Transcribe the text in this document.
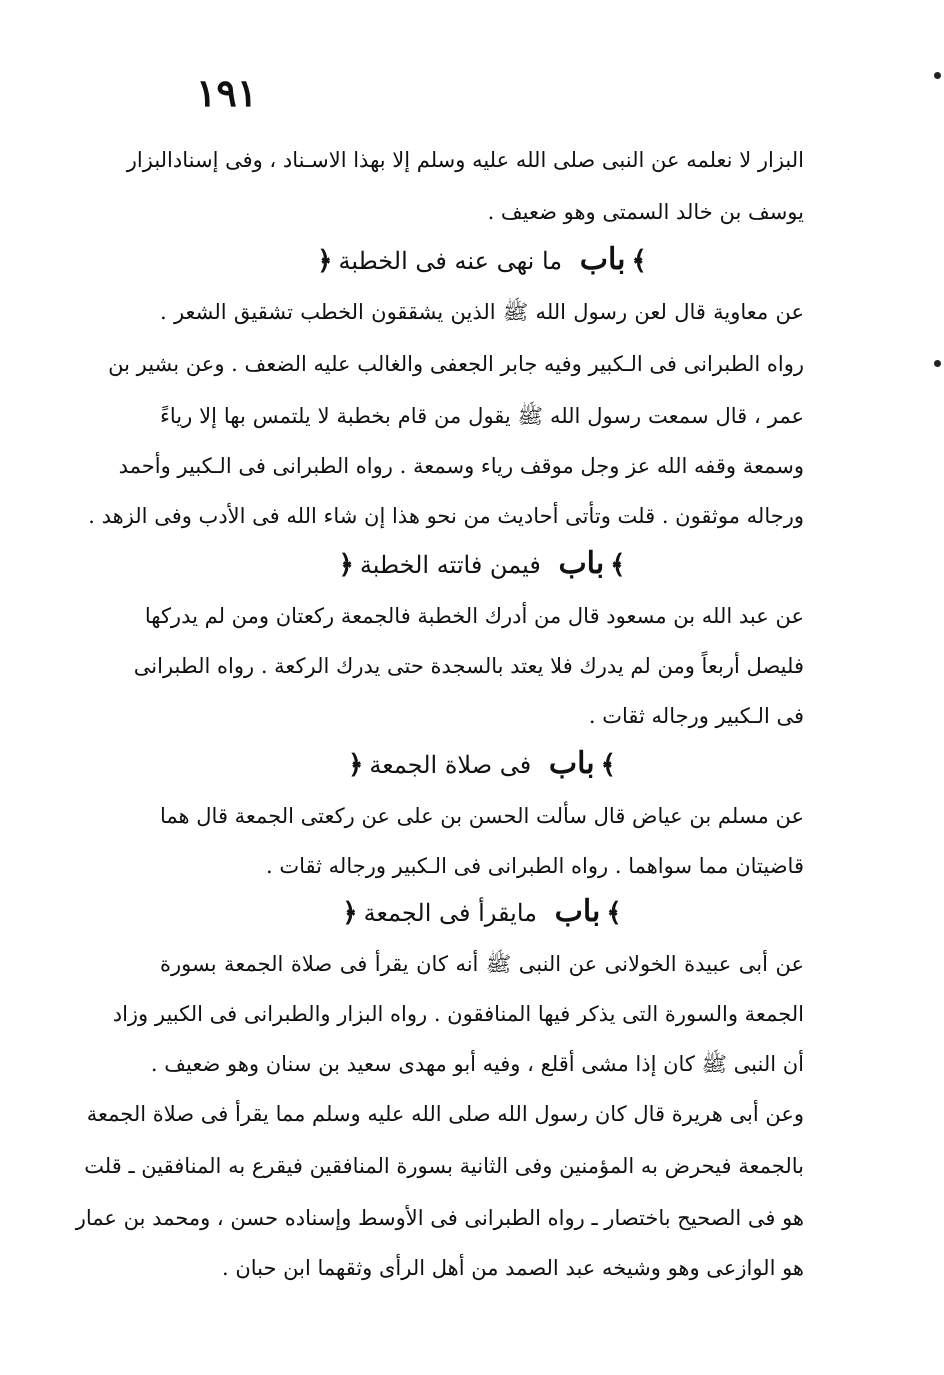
١٩١
البزار لا نعلمه عن النبى صلى الله عليه وسلم إلا بهذا الاسـناد ، وفى إسنادالبزار
يوسف بن خالد السمتى وهو ضعيف .
﴾باب ما نهى عنه فى الخطبة﴿
عن معاوية قال لعن رسول الله ﷺ الذين يشققون الخطب تشقيق الشعر .
رواه الطبرانى فى الـكبير وفيه جابر الجعفى والغالب عليه الضعف . وعن بشير بن
عمر ، قال سمعت رسول الله ﷺ يقول من قام بخطبة لا يلتمس بها إلا رياءً
وسمعة وقفه الله عز وجل موقف رياء وسمعة . رواه الطبرانى فى الـكبير وأحمد
ورجاله موثقون . قلت وتأتى أحاديث من نحو هذا إن شاء الله فى الأدب وفى الزهد .
﴾باب فيمن فاتته الخطبة﴿
عن عبد الله بن مسعود قال من أدرك الخطبة فالجمعة ركعتان ومن لم يدركها
فليصل أربعاً ومن لم يدرك فلا يعتد بالسجدة حتى يدرك الركعة . رواه الطبرانى
فى الـكبير ورجاله ثقات .
﴾باب فى صلاة الجمعة﴿
عن مسلم بن عياض قال سألت الحسن بن على عن ركعتى الجمعة قال هما
قاضيتان مما سواهما . رواه الطبرانى فى الـكبير ورجاله ثقات .
﴾باب مايقرأ فى الجمعة﴿
عن أبى عبيدة الخولانى عن النبى ﷺ أنه كان يقرأ فى صلاة الجمعة بسورة
الجمعة والسورة التى يذكر فيها المنافقون . رواه البزار والطبرانى فى الكبير وزاد
أن النبى ﷺ كان إذا مشى أقلع ، وفيه أبو مهدى سعيد بن سنان وهو ضعيف .
وعن أبى هريرة قال كان رسول الله صلى الله عليه وسلم مما يقرأ فى صلاة الجمعة
بالجمعة فيحرض به المؤمنين وفى الثانية بسورة المنافقين فيقرع به المنافقين ـ قلت
هو فى الصحيح باختصار ـ رواه الطبرانى فى الأوسط وإسناده حسن ، ومحمد بن عمار
هو الوازعى وهو وشيخه عبد الصمد من أهل الرأى وثقهما ابن حبان .
